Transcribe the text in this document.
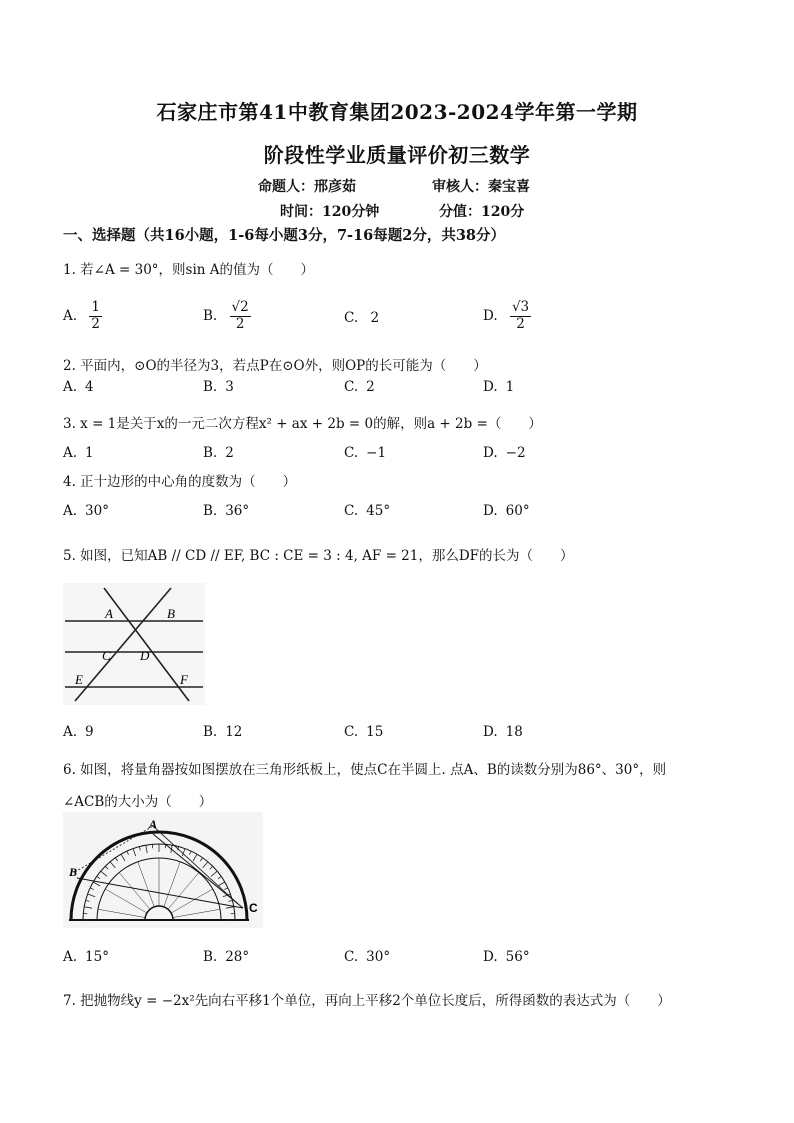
石家庄市第41中教育集团2023-2024学年第一学期
阶段性学业质量评价初三数学
命题人：邢彦茹	审核人：秦宝喜
时间：120分钟	分值：120分
一、选择题（共16小题，1-6每小题3分，7-16每题2分，共38分）
1. 若∠A = 30°，则sin A的值为（　　）
A. $\frac{1}{2}$	B. $\frac{√2}{2}$	C. 2	D. $\frac{√3}{2}$
2. 平面内，⊙O的半径为3，若点P在⊙O外，则OP的长可能为（　　）
A. 4	B. 3	C. 2	D. 1
3. x = 1是关于x的一元二次方程x² + ax + 2b = 0的解，则a + 2b =（　　）
A. 1	B. 2	C. −1	D. −2
4. 正十边形的中心角的度数为（　　）
A. 30°	B. 36°	C. 45°	D. 60°
5. 如图，已知AB // CD // EF, BC : CE = 3 : 4, AF = 21，那么DF的长为（　　）
A	B
C D
E	F
A. 9	B. 12	C. 15	D. 18
6. 如图，将量角器按如图摆放在三角形纸板上，使点C在半圆上. 点A、B的读数分别为86°、30°，则
∠ACB的大小为（　　）
A
B
C
A. 15°	B. 28°	C. 30°	D. 56°
7. 把抛物线y = −2x²先向右平移1个单位，再向上平移2个单位长度后，所得函数的表达式为（　　）
